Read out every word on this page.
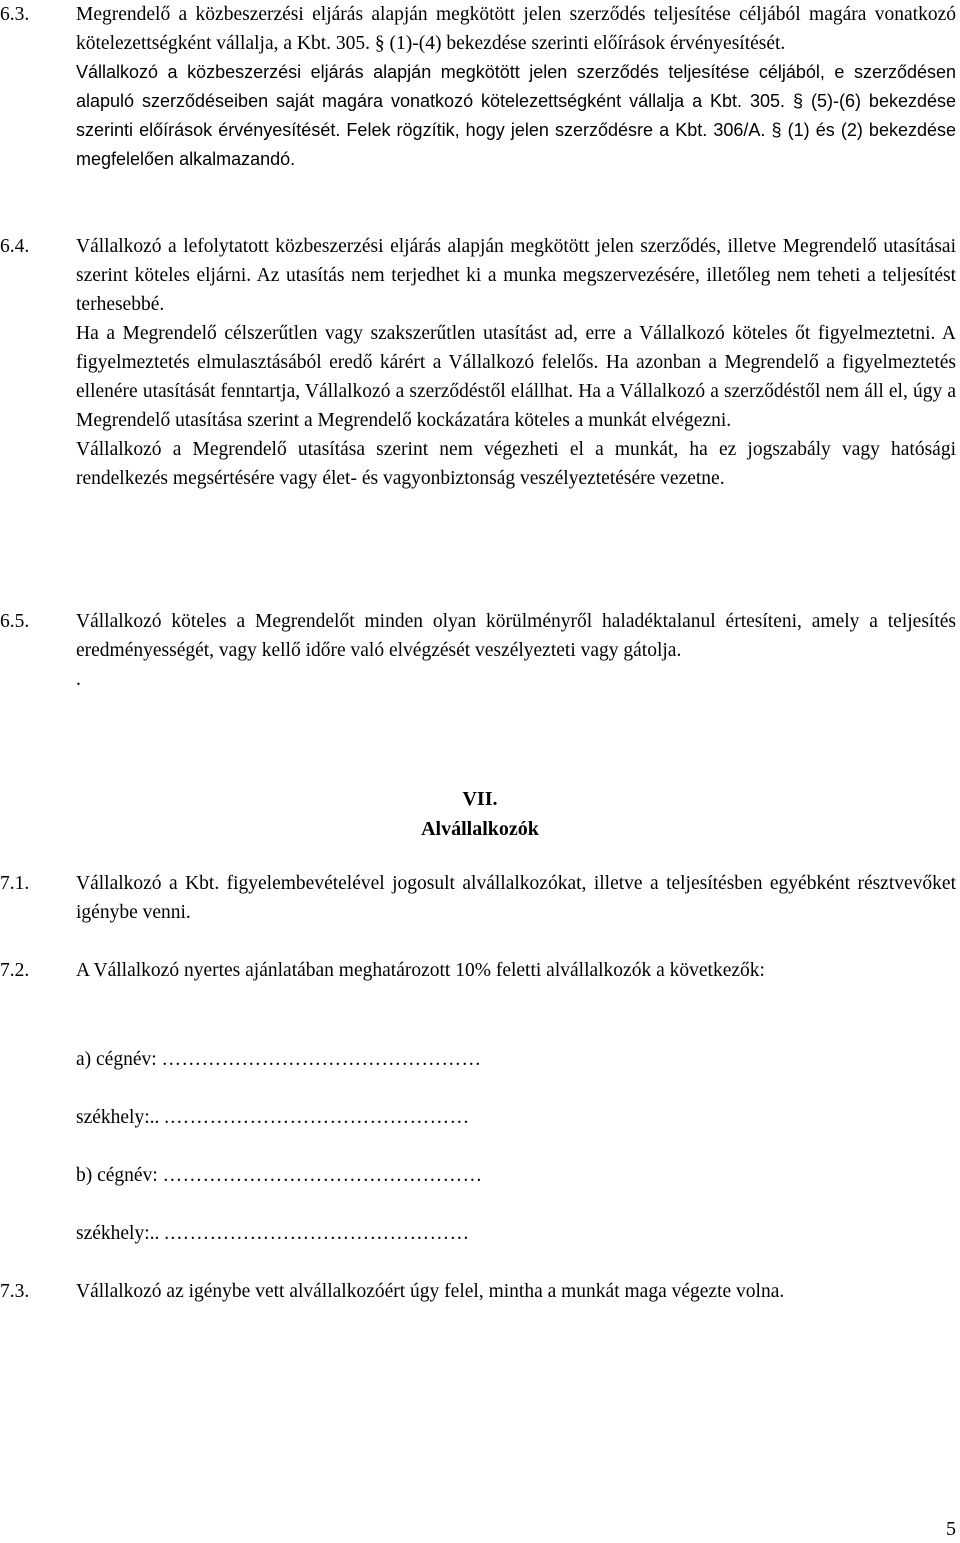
6.3. Megrendelő a közbeszerzési eljárás alapján megkötött jelen szerződés teljesítése céljából magára vonatkozó kötelezettségként vállalja, a Kbt. 305. § (1)-(4) bekezdése szerinti előírások érvényesítését.

Vállalkozó a közbeszerzési eljárás alapján megkötött jelen szerződés teljesítése céljából, e szerződésen alapuló szerződéseiben saját magára vonatkozó kötelezettségként vállalja a Kbt. 305. § (5)-(6) bekezdése szerinti előírások érvényesítését. Felek rögzítik, hogy jelen szerződésre a Kbt. 306/A. § (1) és (2) bekezdése megfelelően alkalmazandó.

6.4. Vállalkozó a lefolytatott közbeszerzési eljárás alapján megkötött jelen szerződés, illetve Megrendelő utasításai szerint köteles eljárni. Az utasítás nem terjedhet ki a munka megszervezésére, illetőleg nem teheti a teljesítést terhesebbé.

Ha a Megrendelő célszerűtlen vagy szakszerűtlen utasítást ad, erre a Vállalkozó köteles őt figyelmeztetni. A figyelmeztetés elmulasztásából eredő kárért a Vállalkozó felelős. Ha azonban a Megrendelő a figyelmeztetés ellenére utasítását fenntartja, Vállalkozó a szerződéstől elállhat. Ha a Vállalkozó a szerződéstől nem áll el, úgy a Megrendelő utasítása szerint a Megrendelő kockázatára köteles a munkát elvégezni.

Vállalkozó a Megrendelő utasítása szerint nem végezheti el a munkát, ha ez jogszabály vagy hatósági rendelkezés megsértésére vagy élet- és vagyonbiztonság veszélyeztetésére vezetne.

6.5. Vállalkozó köteles a Megrendelőt minden olyan körülményről haladéktalanul értesíteni, amely a teljesítés eredményességét, vagy kellő időre való elvégzését veszélyezteti vagy gátolja.

.

VII.
Alvállalkozók
7.1. Vállalkozó a Kbt. figyelembevételével jogosult alvállalkozókat, illetve a teljesítésben egyébként résztvevőket igénybe venni.

7.2. A Vállalkozó nyertes ajánlatában meghatározott 10% feletti alvállalkozók a következők:

a) cégnév: …………………………………………
székhely:.. .………………………………………
b) cégnév: …………………………………………
székhely:.. .………………………………………
7.3. Vállalkozó az igénybe vett alvállalkozóért úgy felel, mintha a munkát maga végezte volna.

5
